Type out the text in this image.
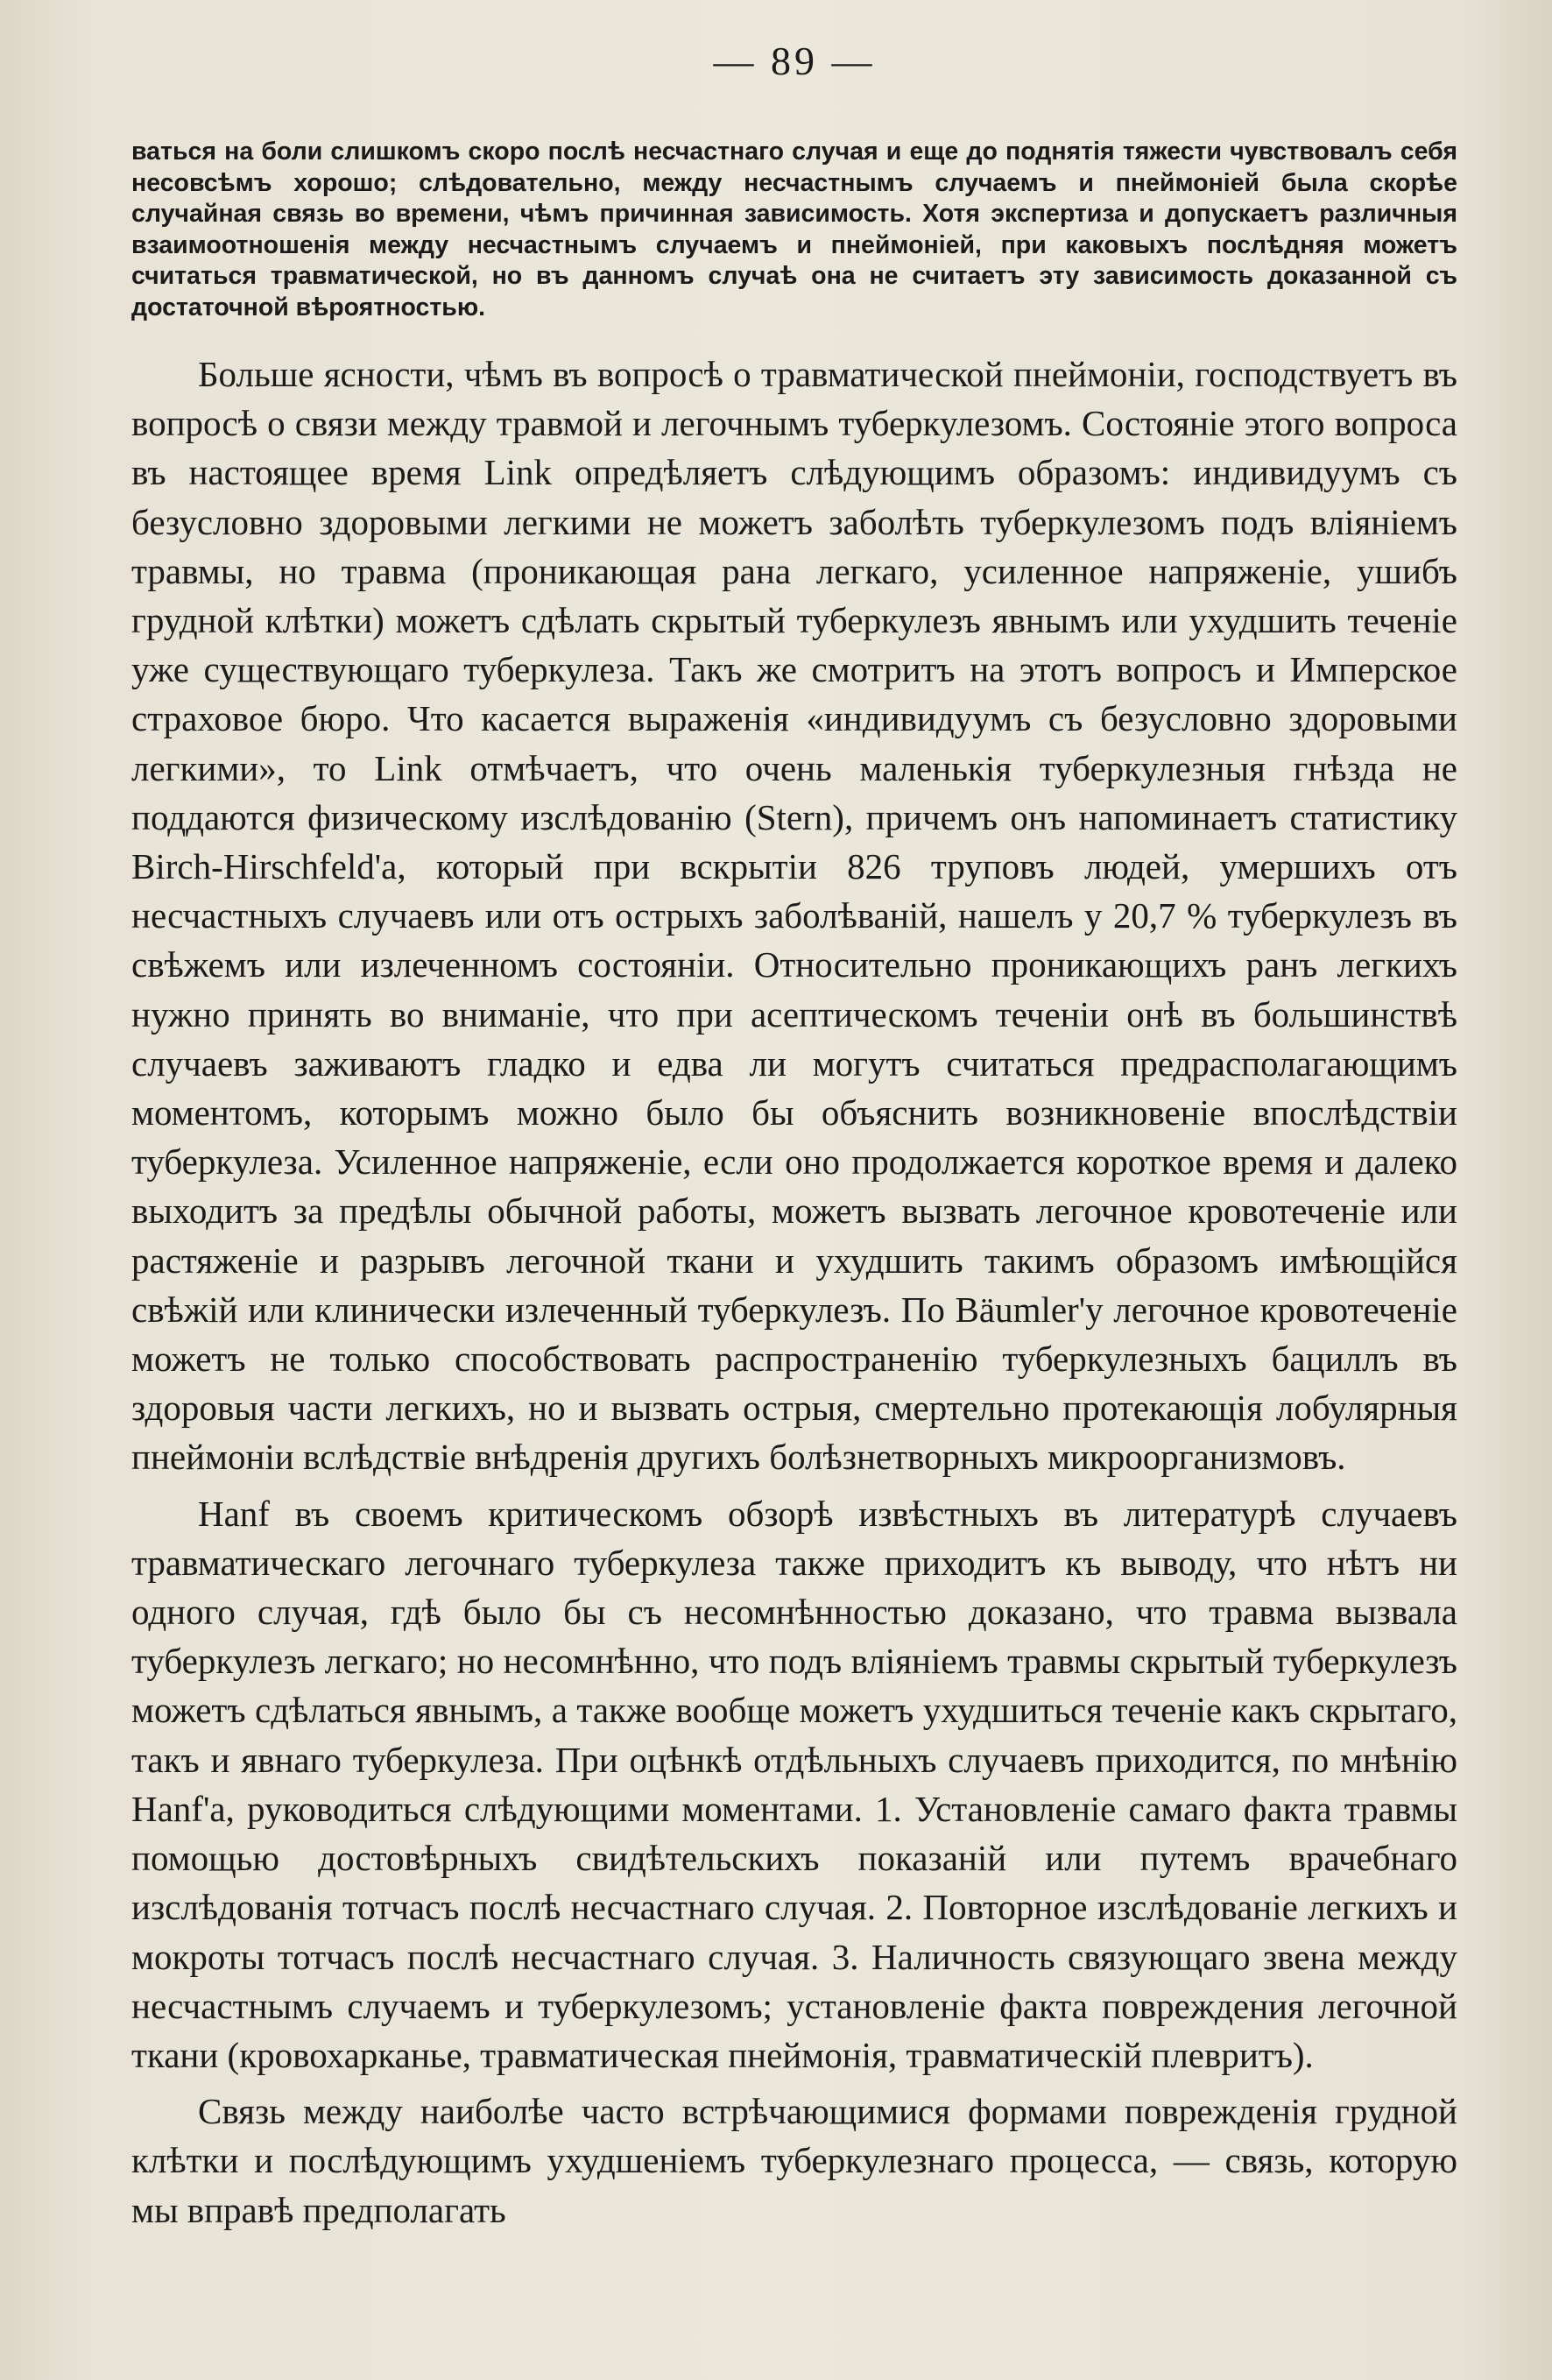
— 89 —

ваться на боли слишкомъ скоро послѣ несчастнаго случая и еще до поднятія тяжести чувствовалъ себя несовсѣмъ хорошо; слѣдовательно, между несчастнымъ случаемъ и пнеймоніей была скорѣе случайная связь во времени, чѣмъ причинная зависимость. Хотя экспертиза и допускаетъ различныя взаимоотношенія между несчастнымъ случаемъ и пнеймоніей, при каковыхъ послѣдняя можетъ считаться травматической, но въ данномъ случаѣ она не считаетъ эту зависимость доказанной съ достаточной вѣроятностью.

Больше ясности, чѣмъ въ вопросѣ о травматической пнеймоніи, господствуетъ въ вопросѣ о связи между травмой и легочнымъ туберкулезомъ. Состояніе этого вопроса въ настоящее время Link опредѣляетъ слѣдующимъ образомъ: индивидуумъ съ безусловно здоровыми легкими не можетъ заболѣть туберкулезомъ подъ вліяніемъ травмы, но травма (проникающая рана легкаго, усиленное напряженіе, ушибъ грудной клѣтки) можетъ сдѣлать скрытый туберкулезъ явнымъ или ухудшить теченіе уже существующаго туберкулеза. Такъ же смотритъ на этотъ вопросъ и Имперское страховое бюро. Что касается выраженія «индивидуумъ съ безусловно здоровыми легкими», то Link отмѣчаетъ, что очень маленькія туберкулезныя гнѣзда не поддаются физическому изслѣдованію (Stern), причемъ онъ напоминаетъ статистику Birch-Hirschfeld'а, который при вскрытіи 826 труповъ людей, умершихъ отъ несчастныхъ случаевъ или отъ острыхъ заболѣваній, нашелъ у 20,7 % туберкулезъ въ свѣжемъ или излеченномъ состояніи. Относительно проникающихъ ранъ легкихъ нужно принять во вниманіе, что при асептическомъ теченіи онѣ въ большинствѣ случаевъ заживаютъ гладко и едва ли могутъ считаться предрасполагающимъ моментомъ, которымъ можно было бы объяснить возникновеніе впослѣдствіи туберкулеза. Усиленное напряженіе, если оно продолжается короткое время и далеко выходитъ за предѣлы обычной работы, можетъ вызвать легочное кровотеченіе или растяженіе и разрывъ легочной ткани и ухудшить такимъ образомъ имѣющійся свѣжій или клинически излеченный туберкулезъ. По Bäumler'у легочное кровотеченіе можетъ не только способствовать распространенію туберкулезныхъ бациллъ въ здоровыя части легкихъ, но и вызвать острыя, смертельно протекающія лобулярныя пнеймоніи вслѣдствіе внѣдренія другихъ болѣзнетворныхъ микроорганизмовъ.

Hanf въ своемъ критическомъ обзорѣ извѣстныхъ въ литературѣ случаевъ травматическаго легочнаго туберкулеза также приходитъ къ выводу, что нѣтъ ни одного случая, гдѣ было бы съ несомнѣнностью доказано, что травма вызвала туберкулезъ легкаго; но несомнѣнно, что подъ вліяніемъ травмы скрытый туберкулезъ можетъ сдѣлаться явнымъ, а также вообще можетъ ухудшиться теченіе какъ скрытаго, такъ и явнаго туберкулеза. При оцѣнкѣ отдѣльныхъ случаевъ приходится, по мнѣнію Hanf'а, руководиться слѣдующими моментами. 1. Установленіе самаго факта травмы помощью достовѣрныхъ свидѣтельскихъ показаній или путемъ врачебнаго изслѣдованія тотчасъ послѣ несчастнаго случая. 2. Повторное изслѣдованіе легкихъ и мокроты тотчасъ послѣ несчастнаго случая. 3. Наличность связующаго звена между несчастнымъ случаемъ и туберкулезомъ; установленіе факта повреждения легочной ткани (кровохарканье, травматическая пнеймонія, травматическій плевритъ).

Связь между наиболѣе часто встрѣчающимися формами поврежденія грудной клѣтки и послѣдующимъ ухудшеніемъ туберкулезнаго процесса, — связь, которую мы вправѣ предполагать
